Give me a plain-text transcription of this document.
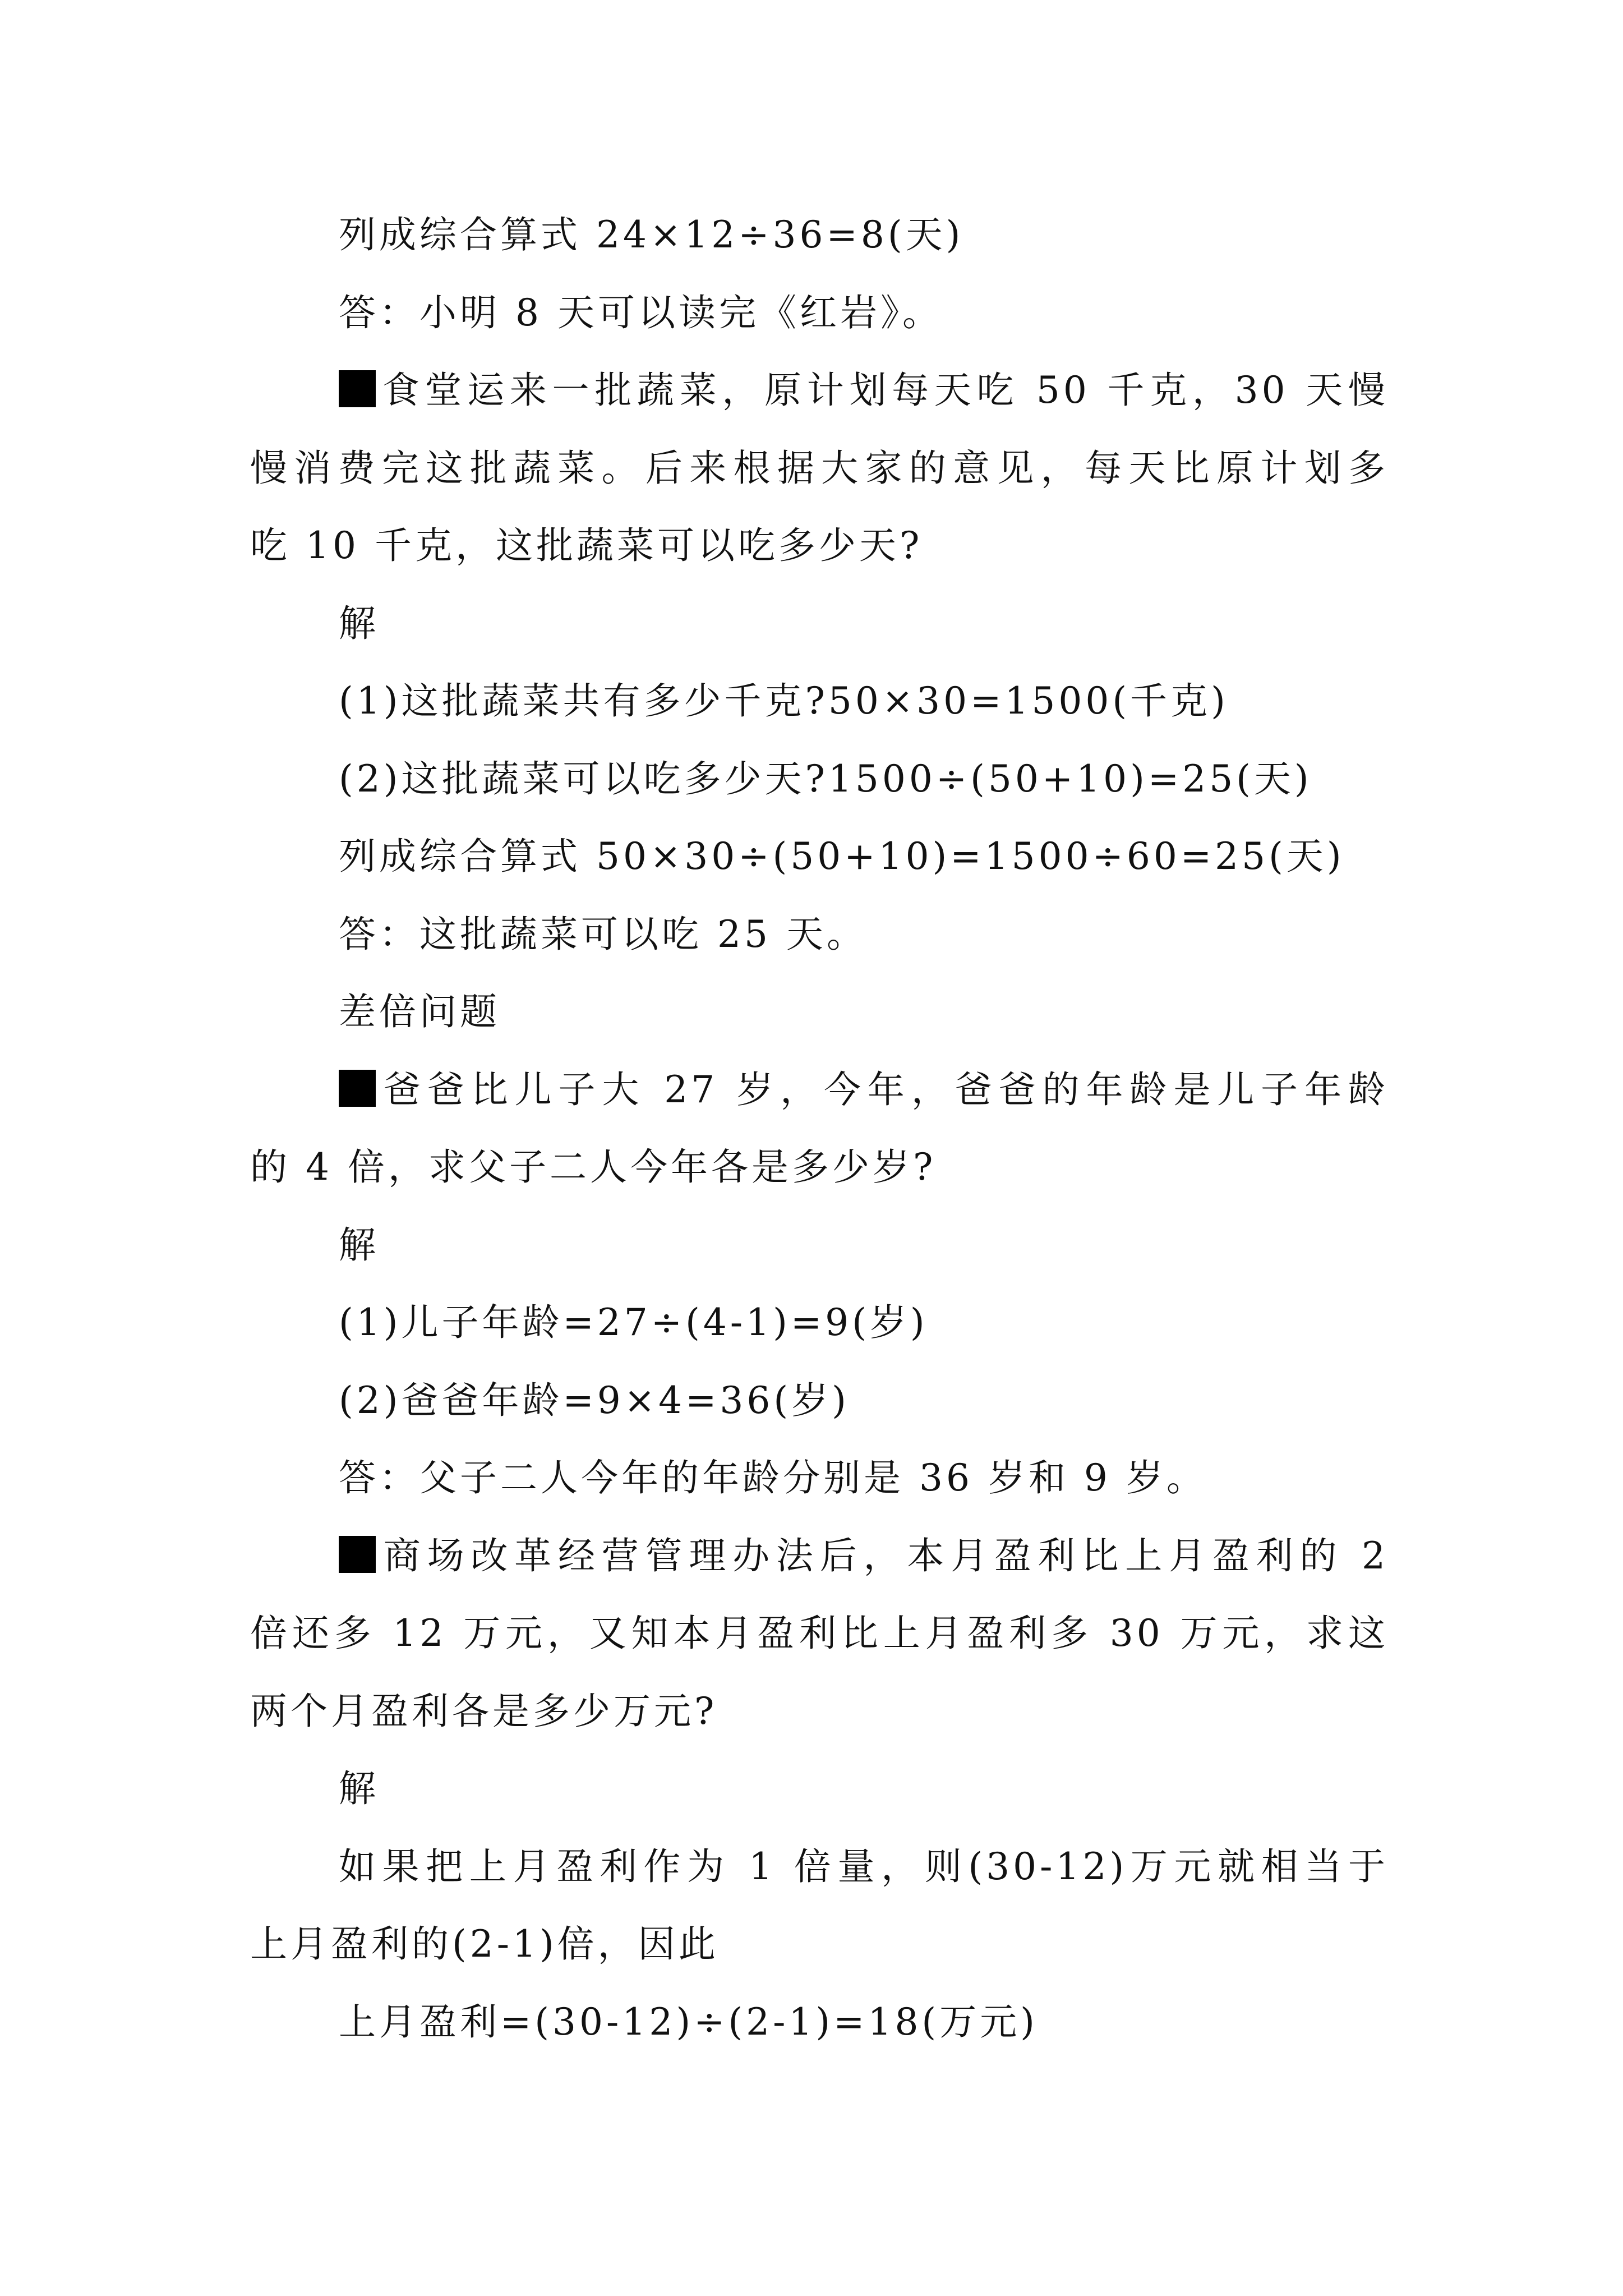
列成综合算式 24×12÷36=8(天)
答：小明 8 天可以读完《红岩》。
食堂运来一批蔬菜，原计划每天吃 50 千克，30 天慢
慢消费完这批蔬菜。后来根据大家的意见，每天比原计划多
吃 10 千克，这批蔬菜可以吃多少天?
解
(1)这批蔬菜共有多少千克?50×30=1500(千克)
(2)这批蔬菜可以吃多少天?1500÷(50+10)=25(天)
列成综合算式 50×30÷(50+10)=1500÷60=25(天)
答：这批蔬菜可以吃 25 天。
差倍问题
爸爸比儿子大 27 岁，今年，爸爸的年龄是儿子年龄
的 4 倍，求父子二人今年各是多少岁?
解
(1)儿子年龄=27÷(4-1)=9(岁)
(2)爸爸年龄=9×4=36(岁)
答：父子二人今年的年龄分别是 36 岁和 9 岁。
商场改革经营管理办法后，本月盈利比上月盈利的 2
倍还多 12 万元，又知本月盈利比上月盈利多 30 万元，求这
两个月盈利各是多少万元?
解
如果把上月盈利作为 1 倍量，则(30-12)万元就相当于
上月盈利的(2-1)倍，因此
上月盈利=(30-12)÷(2-1)=18(万元)
